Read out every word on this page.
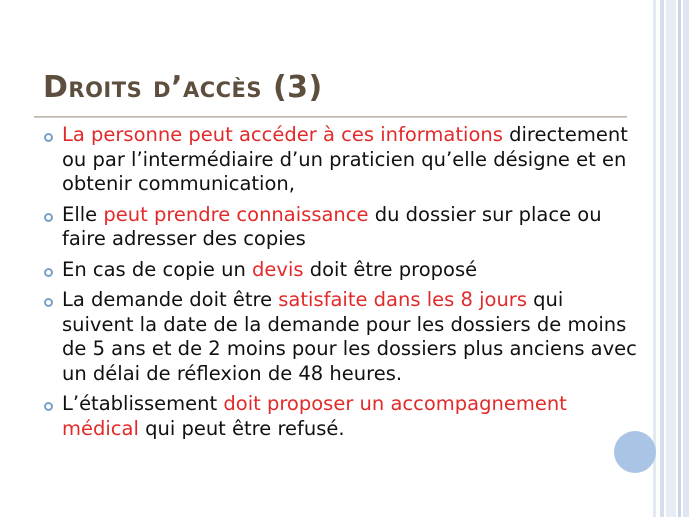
Droits d’accès (3)
La personne peut accéder à ces informations directement ou par l’intermédiaire d’un praticien qu’elle désigne et en obtenir communication,
Elle peut prendre connaissance du dossier sur place ou faire adresser des copies
En cas de copie un devis doit être proposé
La demande doit être satisfaite dans les 8 jours qui suivent la date de la demande pour les dossiers de moins de 5 ans et de 2 moins pour les dossiers plus anciens avec un délai de réflexion de 48 heures.
L’établissement doit proposer un accompagnement médical qui peut être refusé.
